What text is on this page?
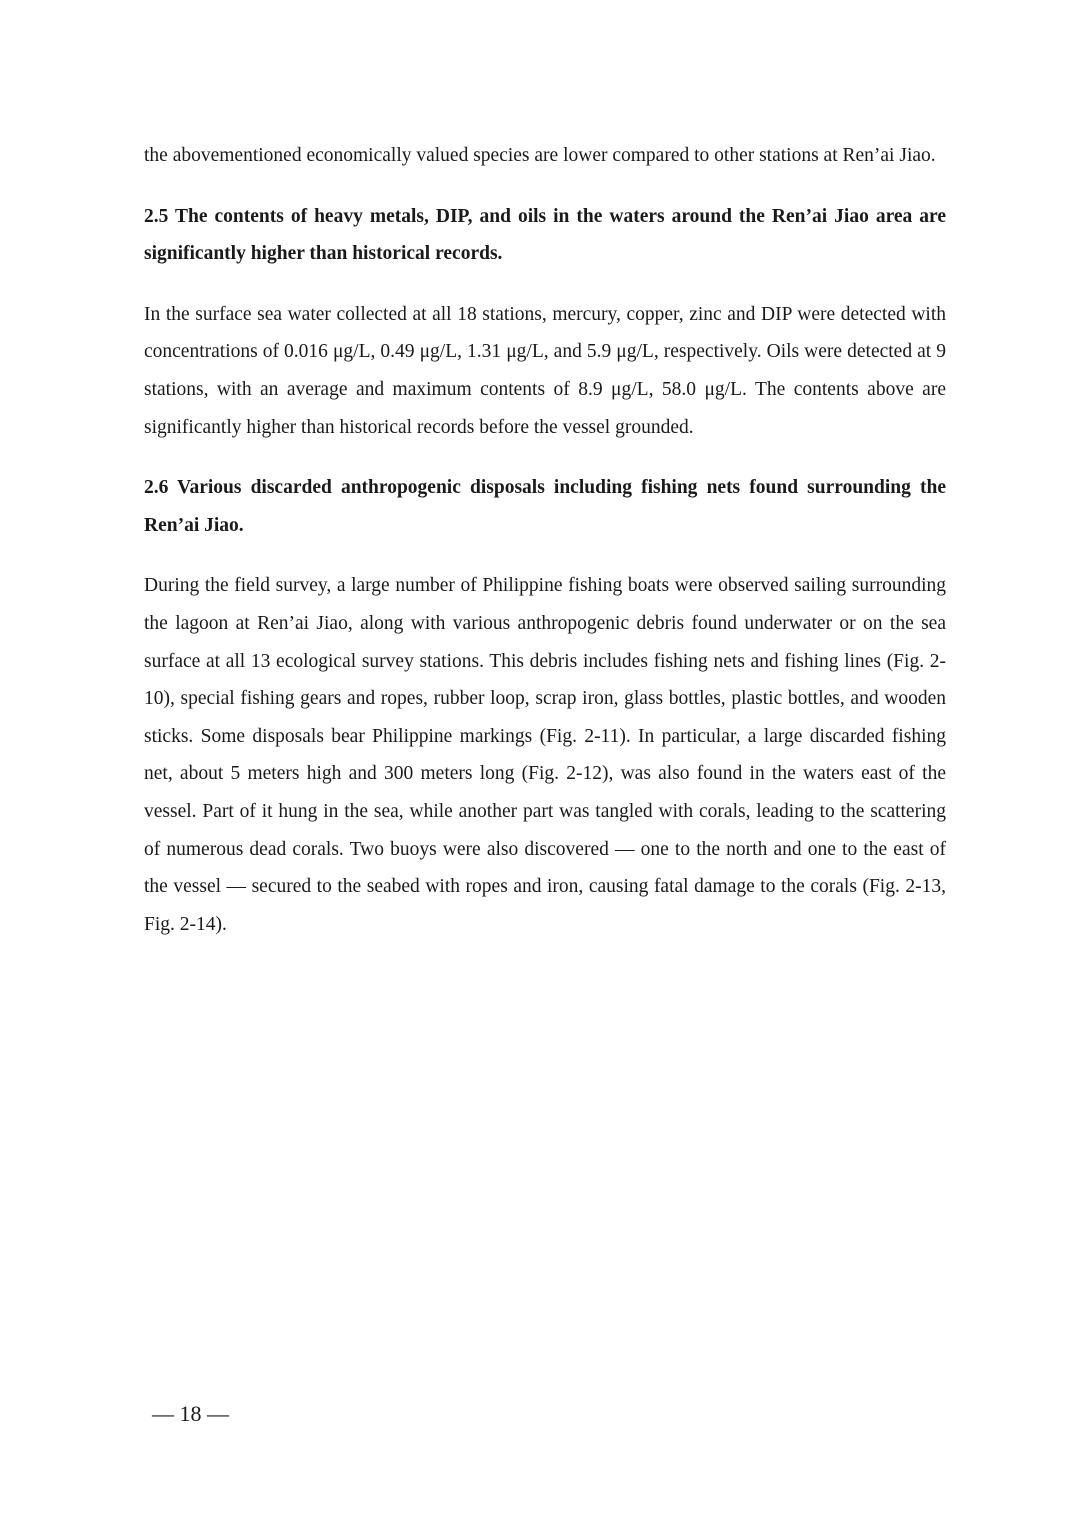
the abovementioned economically valued species are lower compared to other stations at Ren’ai Jiao.

2.5 The contents of heavy metals, DIP, and oils in the waters around the Ren’ai Jiao area are significantly higher than historical records.

In the surface sea water collected at all 18 stations, mercury, copper, zinc and DIP were detected with concentrations of 0.016 μg/L, 0.49 μg/L, 1.31 μg/L, and 5.9 μg/L, respectively. Oils were detected at 9 stations, with an average and maximum contents of 8.9 μg/L, 58.0 μg/L. The contents above are significantly higher than historical records before the vessel grounded.

2.6 Various discarded anthropogenic disposals including fishing nets found surrounding the Ren’ai Jiao.

During the field survey, a large number of Philippine fishing boats were observed sailing surrounding the lagoon at Ren’ai Jiao, along with various anthropogenic debris found underwater or on the sea surface at all 13 ecological survey stations. This debris includes fishing nets and fishing lines (Fig. 2-10), special fishing gears and ropes, rubber loop, scrap iron, glass bottles, plastic bottles, and wooden sticks. Some disposals bear Philippine markings (Fig. 2-11). In particular, a large discarded fishing net, about 5 meters high and 300 meters long (Fig. 2-12), was also found in the waters east of the vessel. Part of it hung in the sea, while another part was tangled with corals, leading to the scattering of numerous dead corals. Two buoys were also discovered — one to the north and one to the east of the vessel — secured to the seabed with ropes and iron, causing fatal damage to the corals (Fig. 2-13, Fig. 2-14).

— 18 —
